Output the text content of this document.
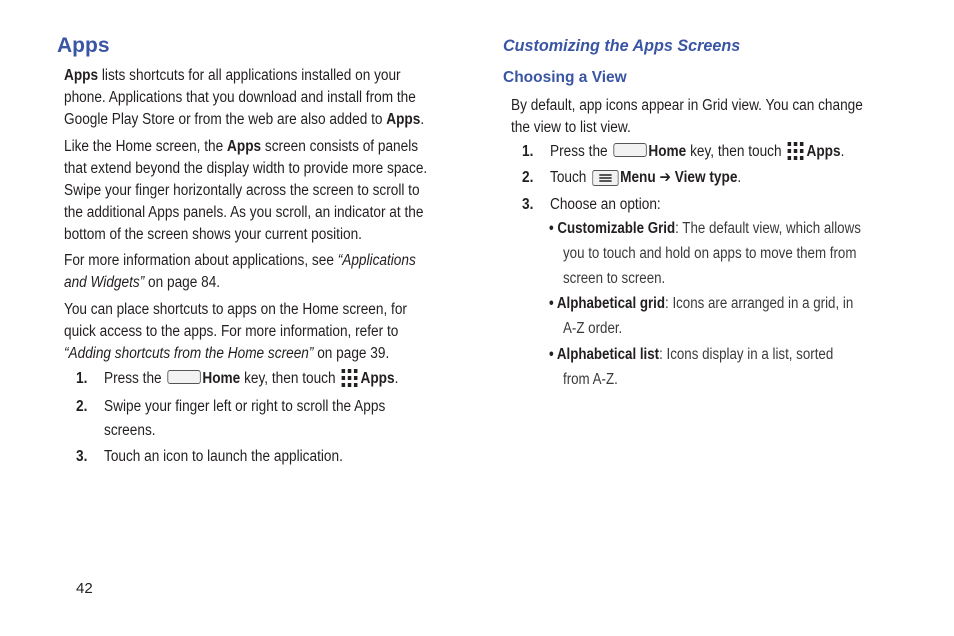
Apps
Apps lists shortcuts for all applications installed on your
phone. Applications that you download and install from the
Google Play Store or from the web are also added to Apps.
Like the Home screen, the Apps screen consists of panels
that extend beyond the display width to provide more space.
Swipe your finger horizontally across the screen to scroll to
the additional Apps panels. As you scroll, an indicator at the
bottom of the screen shows your current position.
For more information about applications, see “Applications
and Widgets” on page 84.
You can place shortcuts to apps on the Home screen, for
quick access to the apps. For more information, refer to
“Adding shortcuts from the Home screen” on page 39.
1. Press the Home key, then touch Apps.
2. Swipe your finger left or right to scroll the Apps
screens.
3. Touch an icon to launch the application.
Customizing the Apps Screens
Choosing a View
By default, app icons appear in Grid view. You can change
the view to list view.
1. Press the Home key, then touch Apps.
2. Touch Menu ➔ View type.
3. Choose an option:
• Customizable Grid: The default view, which allows
you to touch and hold on apps to move them from
screen to screen.
• Alphabetical grid: Icons are arranged in a grid, in
A-Z order.
• Alphabetical list: Icons display in a list, sorted
from A-Z.
42
